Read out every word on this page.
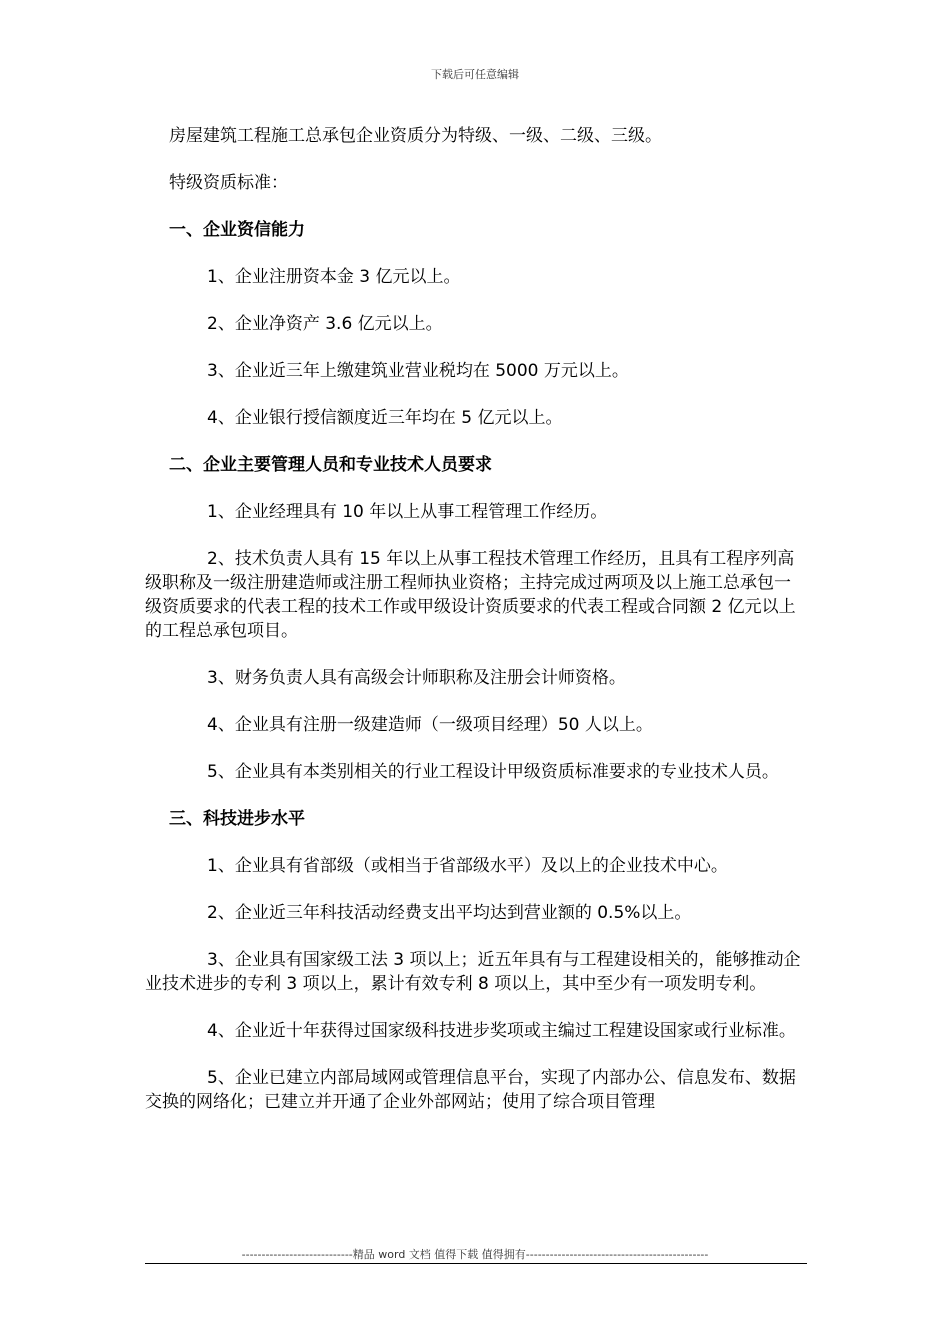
下载后可任意编辑

房屋建筑工程施工总承包企业资质分为特级、一级、二级、三级。

特级资质标准：

一、企业资信能力

1、企业注册资本金 3 亿元以上。

2、企业净资产 3.6 亿元以上。

3、企业近三年上缴建筑业营业税均在 5000 万元以上。

4、企业银行授信额度近三年均在 5 亿元以上。

二、企业主要管理人员和专业技术人员要求

1、企业经理具有 10 年以上从事工程管理工作经历。

2、技术负责人具有 15 年以上从事工程技术管理工作经历，且具有工程序列高级职称及一级注册建造师或注册工程师执业资格；主持完成过两项及以上施工总承包一级资质要求的代表工程的技术工作或甲级设计资质要求的代表工程或合同额 2 亿元以上的工程总承包项目。

3、财务负责人具有高级会计师职称及注册会计师资格。

4、企业具有注册一级建造师（一级项目经理）50 人以上。

5、企业具有本类别相关的行业工程设计甲级资质标准要求的专业技术人员。

三、科技进步水平

1、企业具有省部级（或相当于省部级水平）及以上的企业技术中心。

2、企业近三年科技活动经费支出平均达到营业额的 0.5%以上。

3、企业具有国家级工法 3 项以上；近五年具有与工程建设相关的，能够推动企业技术进步的专利 3 项以上，累计有效专利 8 项以上，其中至少有一项发明专利。

4、企业近十年获得过国家级科技进步奖项或主编过工程建设国家或行业标准。

5、企业已建立内部局域网或管理信息平台，实现了内部办公、信息发布、数据交换的网络化；已建立并开通了企业外部网站；使用了综合项目管理

----------------------------精品 word 文档 值得下载 值得拥有----------------------------------------------
